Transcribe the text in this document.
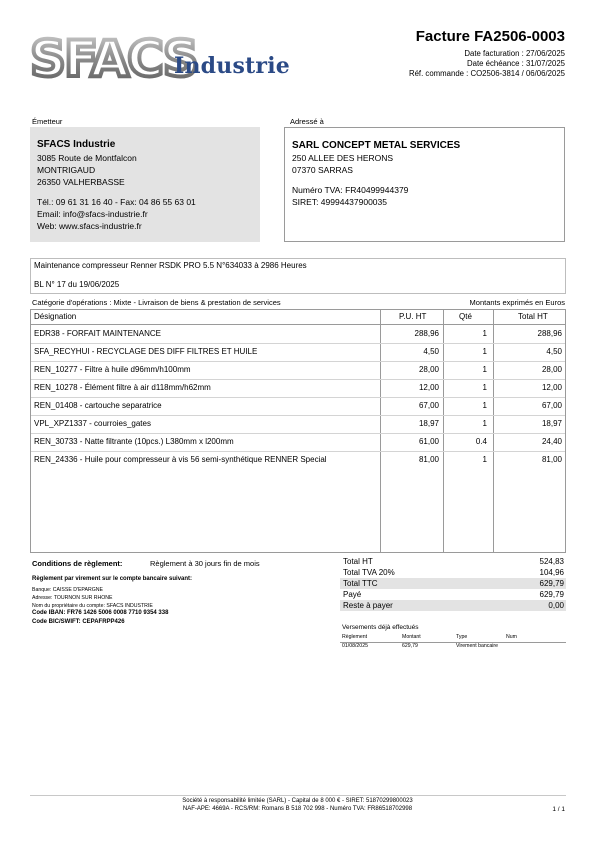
SFACS
Industrie
Facture FA2506-0003
Date facturation : 27/06/2025
Date échéance : 31/07/2025
Réf. commande : CO2506-3814 / 06/06/2025
Émetteur
SFACS Industrie
3085 Route de Montfalcon
MONTRIGAUD
26350 VALHERBASSE
Tél.: 09 61 31 16 40 - Fax: 04 86 55 63 01
Email: info@sfacs-industrie.fr
Web: www.sfacs-industrie.fr
Adressé à
SARL CONCEPT METAL SERVICES
250 ALLEE DES HERONS
07370 SARRAS
Numéro TVA: FR40499944379
SIRET: 49994437900035
Maintenance compresseur Renner RSDK PRO 5.5 N°634033 à 2986 Heures
BL N° 17 du 19/06/2025
Catégorie d'opérations : Mixte - Livraison de biens & prestation de services	Montants exprimés en Euros
Désignation	P.U. HT	Qté	Total HT
EDR38 - FORFAIT MAINTENANCE	288,96	1	288,96
SFA_RECYHUI - RECYCLAGE DES DIFF FILTRES ET HUILE	4,50	1	4,50
REN_10277 - Filtre à huile d96mm/h100mm	28,00	1	28,00
REN_10278 - Élément filtre à air d118mm/h62mm	12,00	1	12,00
REN_01408 - cartouche separatrice	67,00	1	67,00
VPL_XPZ1337 - courroies_gates	18,97	1	18,97
REN_30733 - Natte filtrante (10pcs.) L380mm x l200mm	61,00	0.4	24,40
REN_24336 - Huile pour compresseur à vis 56 semi-synthétique RENNER Special	81,00	1	81,00
Conditions de règlement:	Règlement à 30 jours fin de mois
Règlement par virement sur le compte bancaire suivant:
Banque: CAISSE D'EPARGNE
Adresse: TOURNON SUR RHONE
Nom du propriétaire du compte: SFACS INDUSTRIE
Code IBAN: FR76 1426 5006 0008 7710 9354 338
Code BIC/SWIFT: CEPAFRPP426
Total HT	524,83
Total TVA 20%	104,96
Total TTC	629,79
Payé	629,79
Reste à payer	0,00
Versements déjà effectués
Règlement	Montant	Type	Num
01/08/2025	629,79	Virement bancaire
Société à responsabilité limitée (SARL) - Capital de 8 000 € - SIRET: 51870299800023
NAF-APE: 4669A - RCS/RM: Romans B 518 702 998 - Numéro TVA: FR86518702998	1 / 1
